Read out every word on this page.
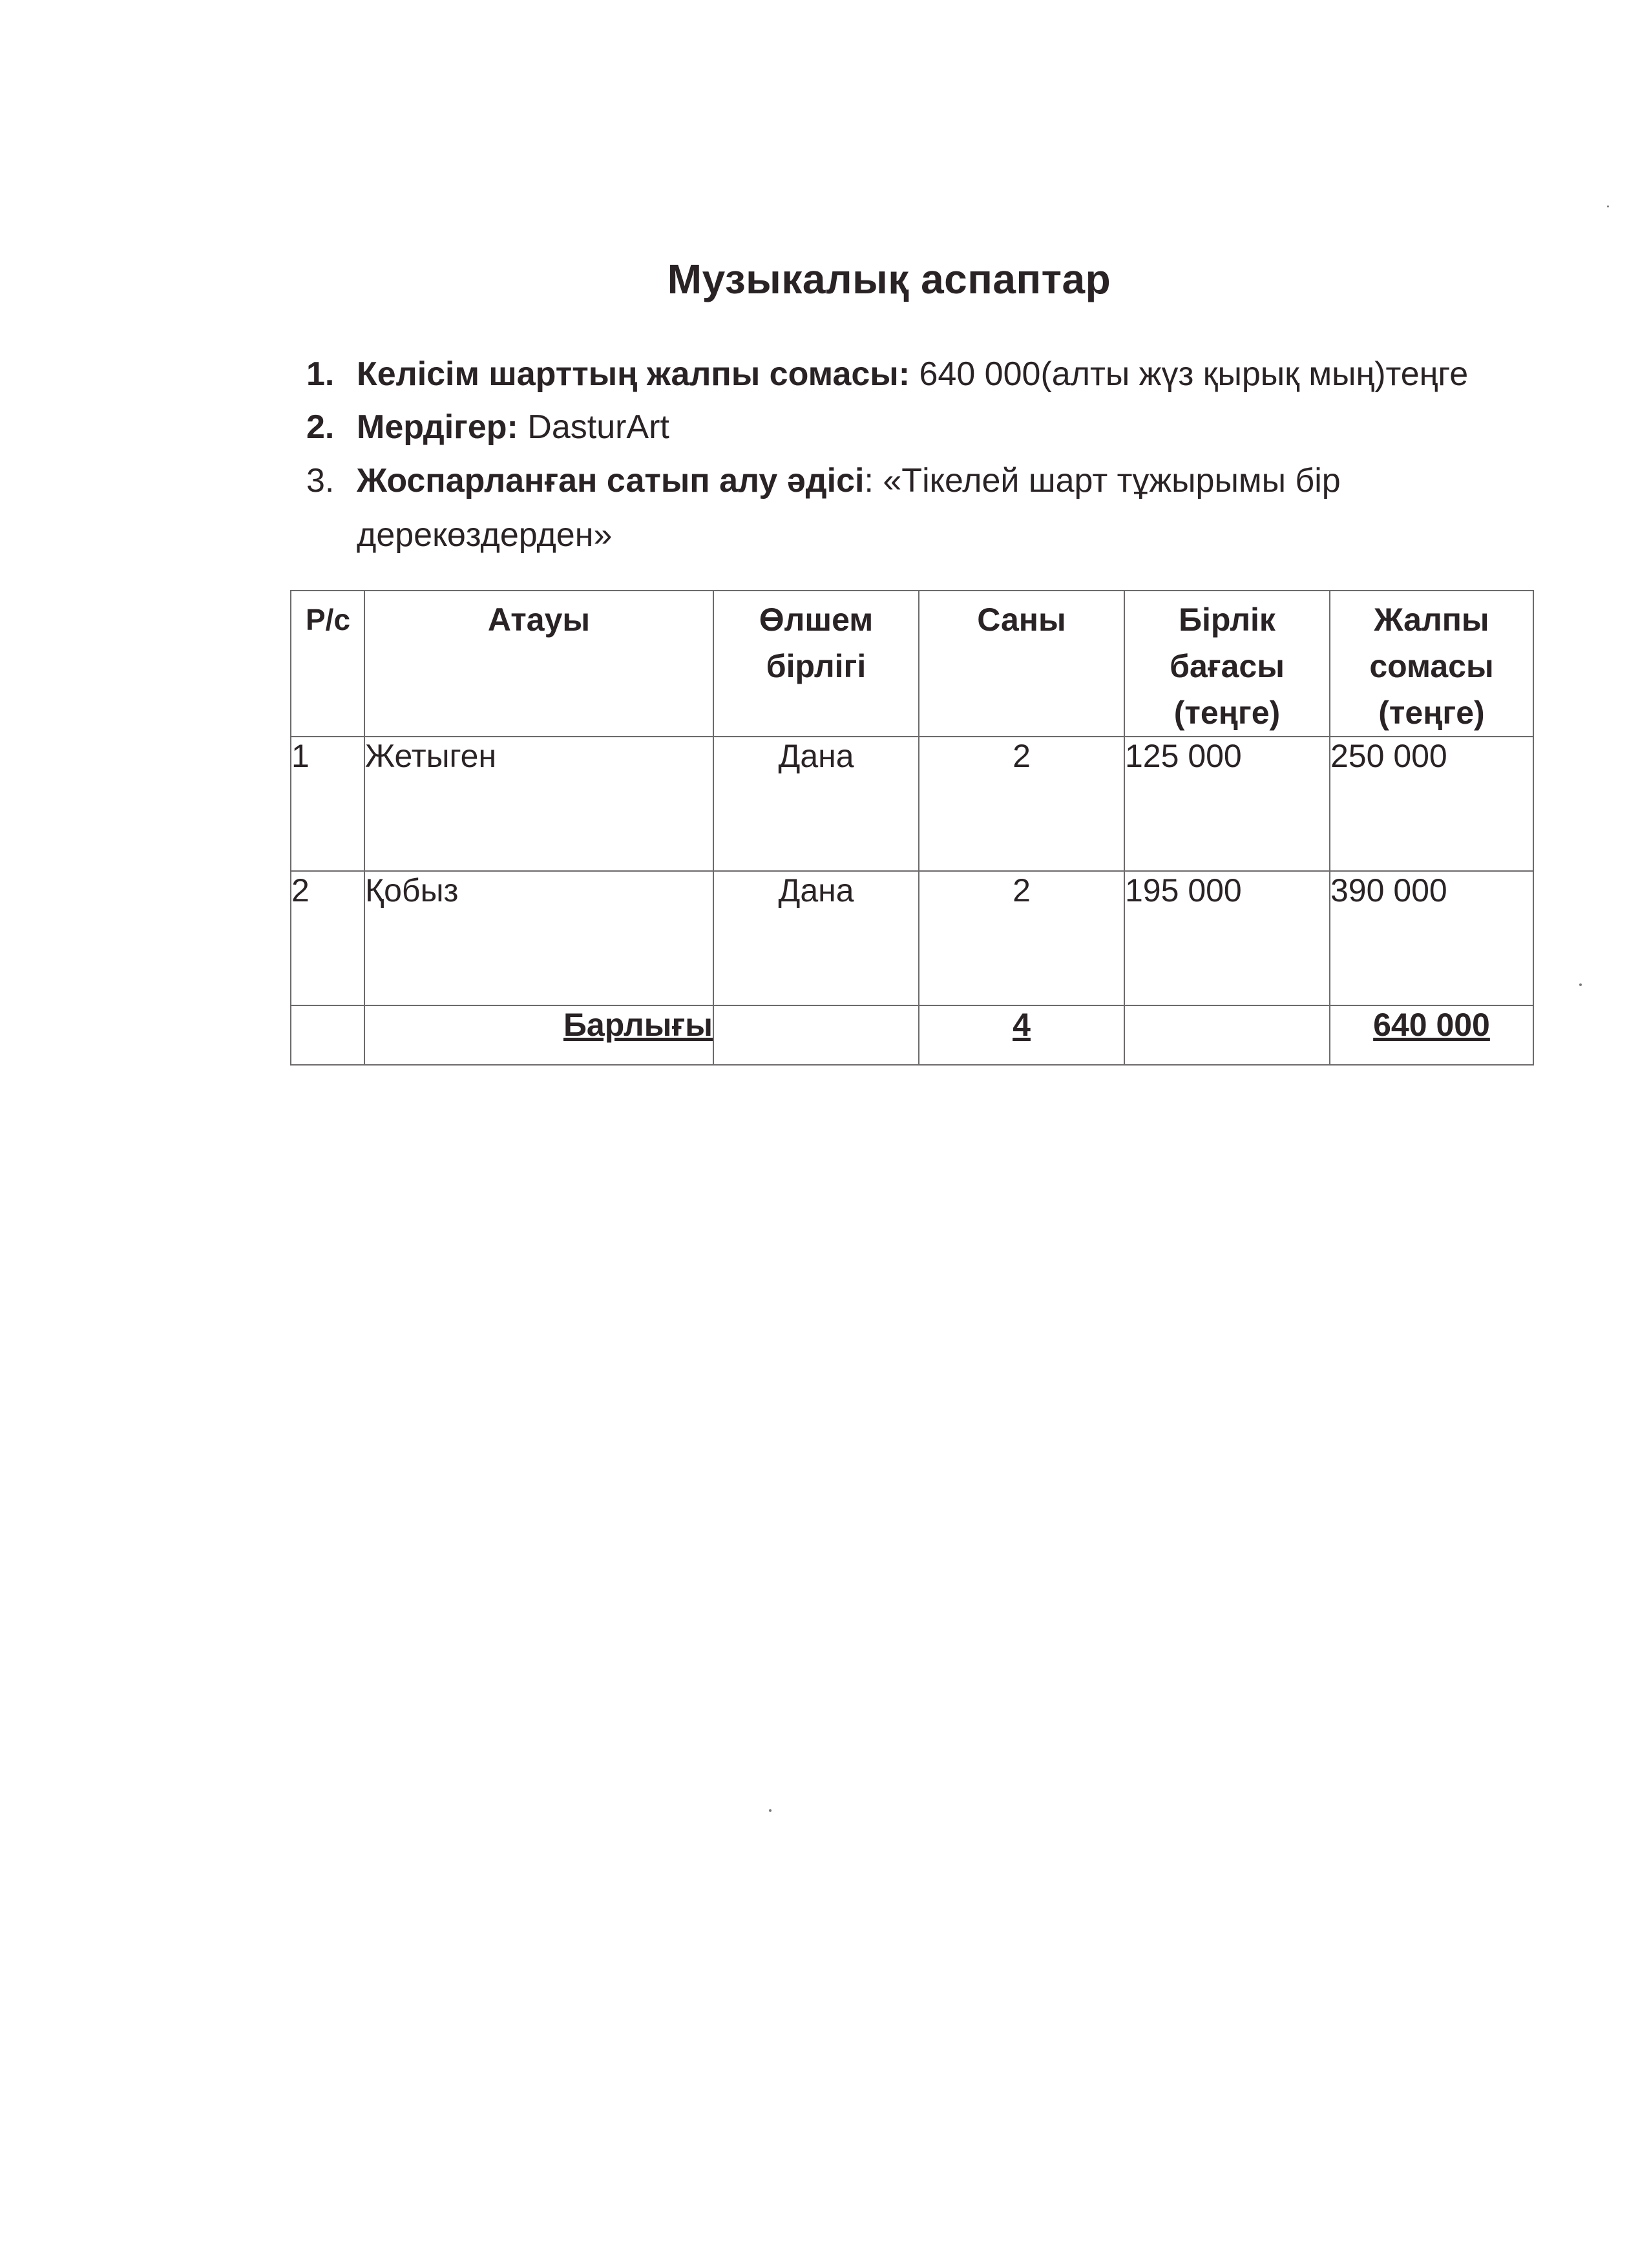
Музыкалық аспаптар
1. Келісім шарттың жалпы сомасы: 640 000(алты жүз қырық мың)теңге
2. Мердігер: DasturArt
3. Жоспарланған сатып алу әдісі: «Тікелей шарт тұжырымы бір дерекөздерден»
Р/с	Атауы	Өлшем бірлігі	Саны	Бірлік бағасы (теңге)	Жалпы сомасы (теңге)
1	Жетыген	Дана	2	125 000	250 000
2	Қобыз	Дана	2	195 000	390 000
	Барлығы		4		640 000
